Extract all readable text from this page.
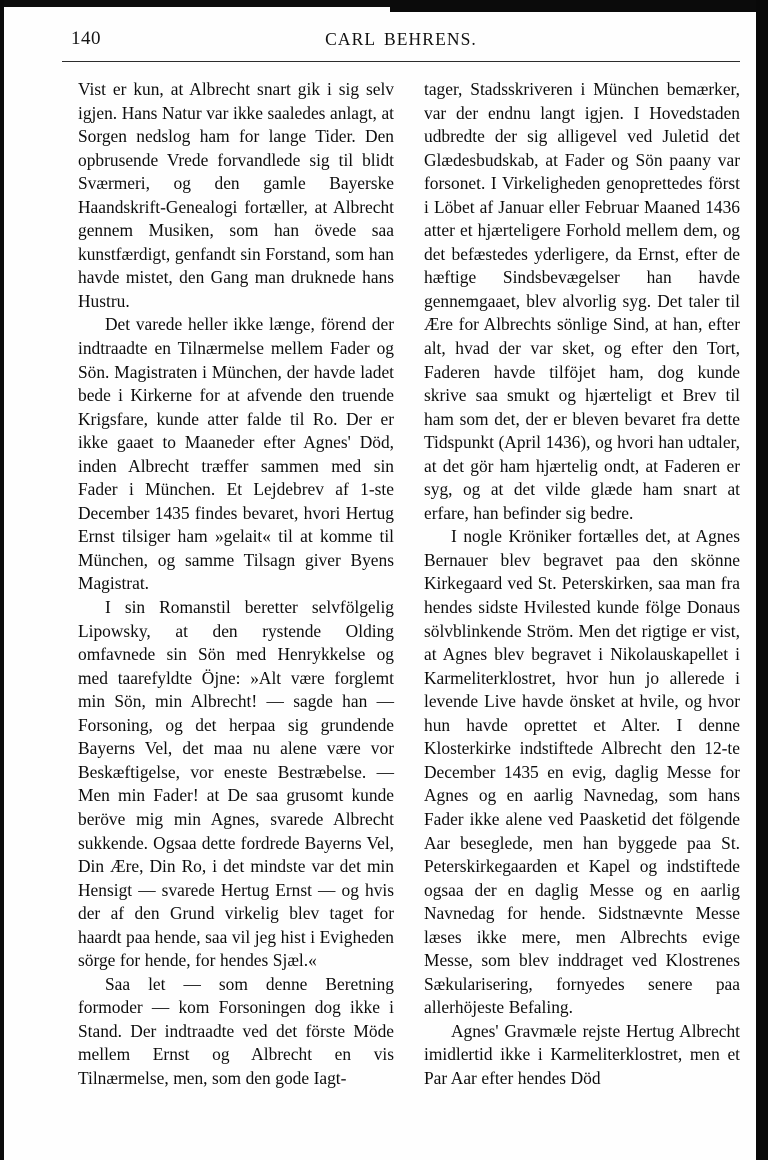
140	CARL BEHRENS.

Vist er kun, at Albrecht snart gik i sig selv igjen. Hans Natur var ikke saaledes anlagt, at Sorgen nedslog ham for lange Tider. Den opbrusende Vrede forvandlede sig til blidt Sværmeri, og den gamle Bayerske Haandskrift-Genealogi fortæller, at Albrecht gennem Musiken, som han övede saa kunstfærdigt, genfandt sin Forstand, som han havde mistet, den Gang man druknede hans Hustru.

Det varede heller ikke længe, förend der indtraadte en Tilnærmelse mellem Fader og Sön. Magistraten i München, der havde ladet bede i Kirkerne for at afvende den truende Krigsfare, kunde atter falde til Ro. Der er ikke gaaet to Maaneder efter Agnes' Död, inden Albrecht træffer sammen med sin Fader i München. Et Lejdebrev af 1-ste December 1435 findes bevaret, hvori Hertug Ernst tilsiger ham »gelait« til at komme til München, og samme Tilsagn giver Byens Magistrat.

I sin Romanstil beretter selvfölgelig Lipowsky, at den rystende Olding omfavnede sin Sön med Henrykkelse og med taarefyldte Öjne: »Alt være forglemt min Sön, min Albrecht! — sagde han — Forsoning, og det herpaa sig grundende Bayerns Vel, det maa nu alene være vor Beskæftigelse, vor eneste Bestræbelse. — Men min Fader! at De saa grusomt kunde beröve mig min Agnes, svarede Albrecht sukkende. Ogsaa dette fordrede Bayerns Vel, Din Ære, Din Ro, i det mindste var det min Hensigt — svarede Hertug Ernst — og hvis der af den Grund virkelig blev taget for haardt paa hende, saa vil jeg hist i Evigheden sörge for hende, for hendes Sjæl.«

Saa let — som denne Beretning formoder — kom Forsoningen dog ikke i Stand. Der indtraadte ved det förste Möde mellem Ernst og Albrecht en vis Tilnærmelse, men, som den gode Iagt-

tager, Stadsskriveren i München bemærker, var der endnu langt igjen. I Hovedstaden udbredte der sig alligevel ved Juletid det Glædesbudskab, at Fader og Sön paany var forsonet. I Virkeligheden genoprettedes först i Löbet af Januar eller Februar Maaned 1436 atter et hjærteligere Forhold mellem dem, og det befæstedes yderligere, da Ernst, efter de hæftige Sindsbevægelser han havde gennemgaaet, blev alvorlig syg. Det taler til Ære for Albrechts sönlige Sind, at han, efter alt, hvad der var sket, og efter den Tort, Faderen havde tilföjet ham, dog kunde skrive saa smukt og hjærteligt et Brev til ham som det, der er bleven bevaret fra dette Tidspunkt (April 1436), og hvori han udtaler, at det gör ham hjærtelig ondt, at Faderen er syg, og at det vilde glæde ham snart at erfare, han befinder sig bedre.

I nogle Kröniker fortælles det, at Agnes Bernauer blev begravet paa den skönne Kirkegaard ved St. Peterskirken, saa man fra hendes sidste Hvilested kunde fölge Donaus sölvblinkende Ström. Men det rigtige er vist, at Agnes blev begravet i Nikolauskapellet i Karmeliterklostret, hvor hun jo allerede i levende Live havde önsket at hvile, og hvor hun havde oprettet et Alter. I denne Klosterkirke indstiftede Albrecht den 12-te December 1435 en evig, daglig Messe for Agnes og en aarlig Navnedag, som hans Fader ikke alene ved Paasketid det fölgende Aar beseglede, men han byggede paa St. Peterskirkegaarden et Kapel og indstiftede ogsaa der en daglig Messe og en aarlig Navnedag for hende. Sidstnævnte Messe læses ikke mere, men Albrechts evige Messe, som blev inddraget ved Klostrenes Sækularisering, fornyedes senere paa allerhöjeste Befaling.

Agnes' Gravmæle rejste Hertug Albrecht imidlertid ikke i Karmeliterklostret, men et Par Aar efter hendes Död
